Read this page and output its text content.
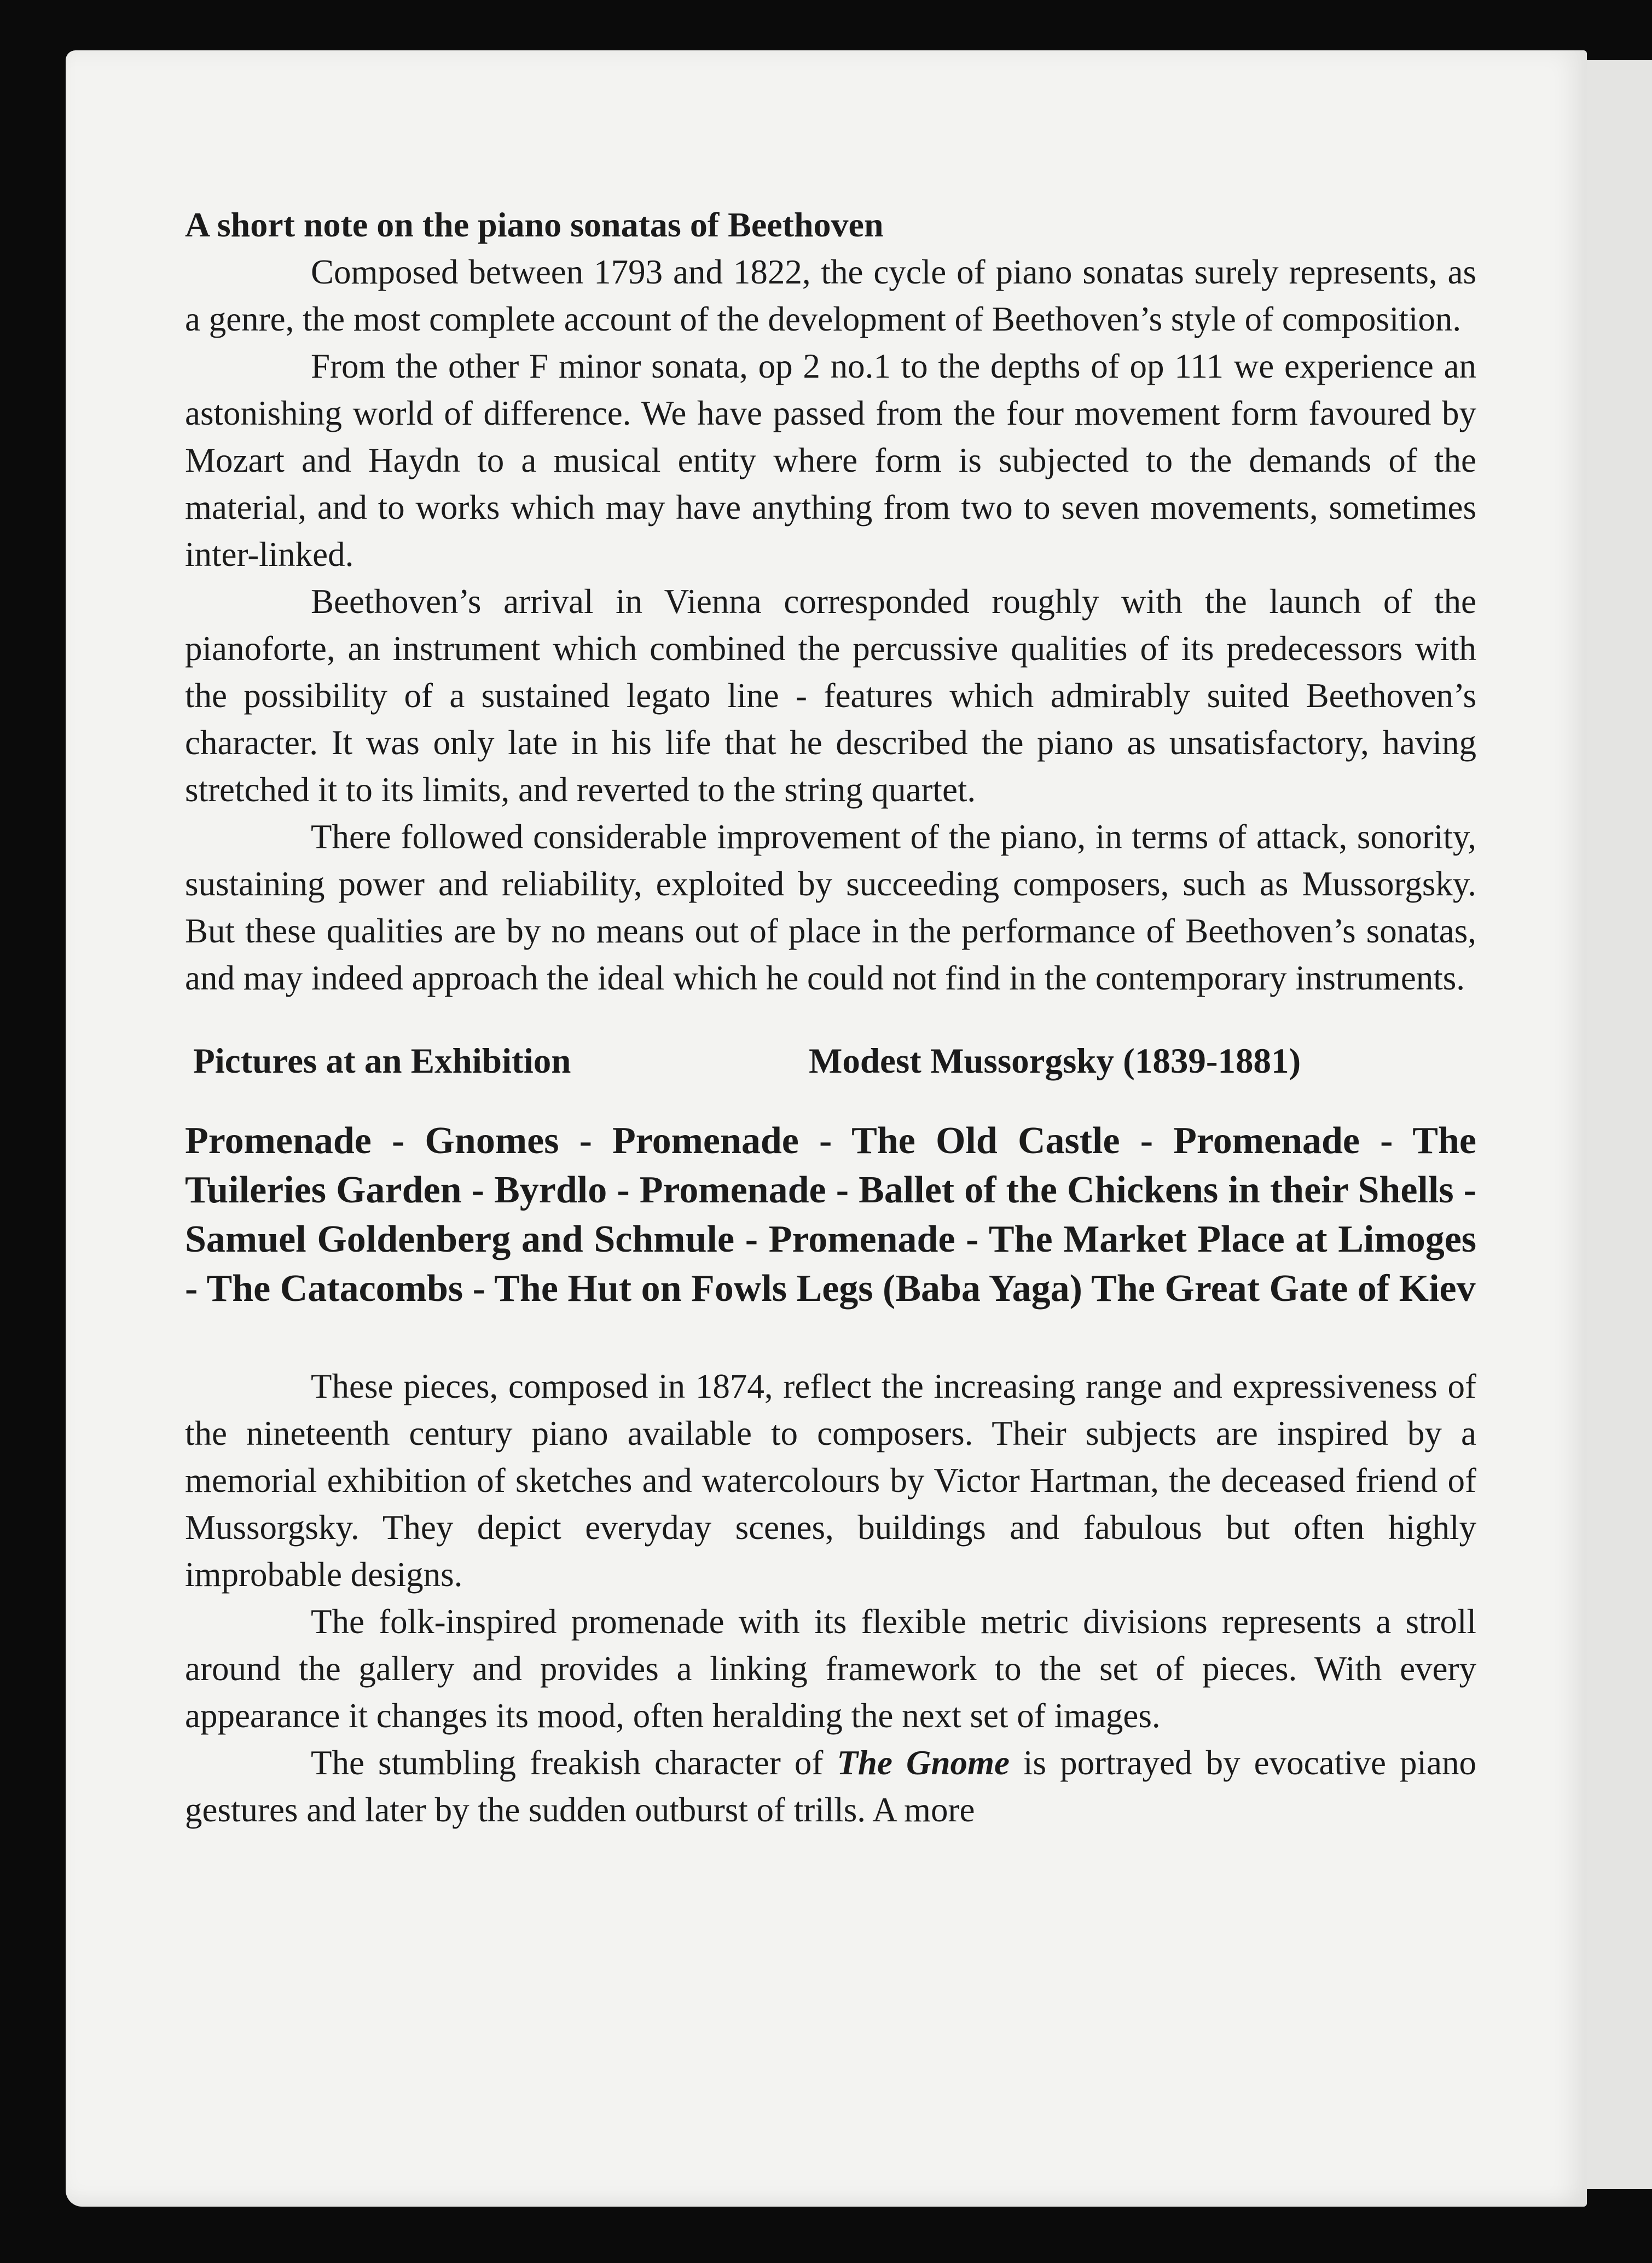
A short note on the piano sonatas of Beethoven

Composed between 1793 and 1822, the cycle of piano sonatas surely represents, as a genre, the most complete account of the development of Beethoven’s style of composition.

From the other F minor sonata, op 2 no.1 to the depths of op 111 we experience an astonishing world of difference. We have passed from the four movement form favoured by Mozart and Haydn to a musical entity where form is subjected to the demands of the material, and to works which may have anything from two to seven movements, sometimes inter-linked.

Beethoven’s arrival in Vienna corresponded roughly with the launch of the pianoforte, an instrument which combined the percussive qualities of its predecessors with the possibility of a sustained legato line - features which admirably suited Beethoven’s character. It was only late in his life that he described the piano as unsatisfactory, having stretched it to its limits, and reverted to the string quartet.

There followed considerable improvement of the piano, in terms of attack, sonority, sustaining power and reliability, exploited by succeeding composers, such as Mussorgsky. But these qualities are by no means out of place in the performance of Beethoven’s sonatas, and may indeed approach the ideal which he could not find in the contemporary instruments.

Pictures at an Exhibition	Modest Mussorgsky (1839-1881)
Promenade - Gnomes - Promenade - The Old Castle - Promenade - The Tuileries Garden - Byrdlo - Promenade - Ballet of the Chickens in their Shells - Samuel Goldenberg and Schmule - Promenade - The Market Place at Limoges - The Catacombs - The Hut on Fowls Legs (Baba Yaga) The Great Gate of Kiev

These pieces, composed in 1874, reflect the increasing range and expressiveness of the nineteenth century piano available to composers. Their subjects are inspired by a memorial exhibition of sketches and watercolours by Victor Hartman, the deceased friend of Mussorgsky. They depict everyday scenes, buildings and fabulous but often highly improbable designs.

The folk-inspired promenade with its flexible metric divisions represents a stroll around the gallery and provides a linking framework to the set of pieces. With every appearance it changes its mood, often heralding the next set of images.

The stumbling freakish character of The Gnome is portrayed by evocative piano gestures and later by the sudden outburst of trills. A more
